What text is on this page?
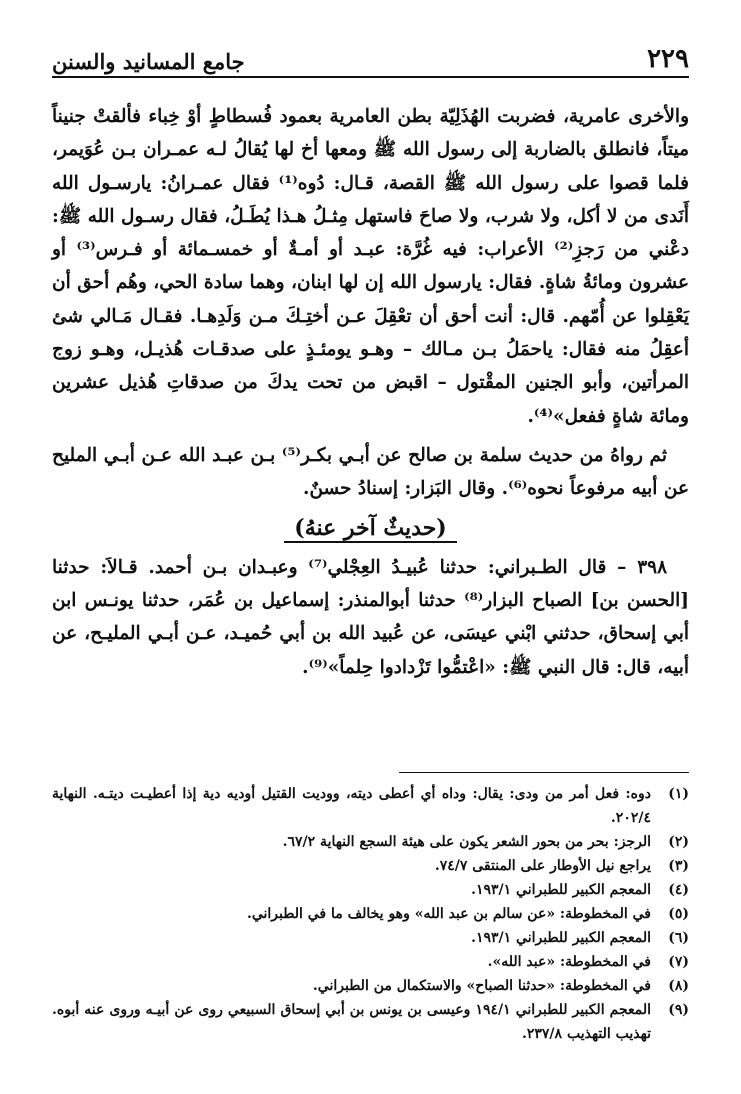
٢٢٩
جامع المسانيد والسنن

والأخرى عامرية، فضربت الهُذَلِيّة بطن العامرية بعمود فُسطاطٍ أوْ خِباء فألقتْ جنيناً ميتاً، فانطلق بالضاربة إلى رسول الله ﷺ ومعها أخ لها يُقالُ لـه عمـران بـن عُوَيمر، فلما قصوا على رسول الله ﷺ القصة، قـال: دُوه⁽¹⁾ فقال عمـرانُ: يارسـول الله أَنَدى من لا أكل، ولا شرب، ولا صاحَ فاستهل مِثـلُ هـذا يُطَـلُ، فقال رسـول الله ﷺ: دعْني من رَجزِ⁽²⁾ الأعراب: فيه غُرَّة: عبـد أو أمـةٌ أو خمسـمائة أو فـرس⁽³⁾ أو عشرون ومائةُ شاةٍ. فقال: يارسول الله إن لها ابنان، وهما سادة الحي، وهُم أحق أن يَعْقِلوا عن أُمّهم. قال: أنت أحق أن تعْقِلَ عـن أختِـكَ مـن وَلَدِهـا. فقـال مَـالي شئ أعقِلُ منه فقال: ياحمَلُ بـن مـالك – وهـو يومئـذٍ على صدقـات هُذيـل، وهـو زوج المرأتين، وأبو الجنين المقْتول – اقبض من تحت يدكَ من صدقاتِ هُذيل عشرين ومائة شاةٍ ففعل»⁽⁴⁾.

ثم رواهُ من حديث سلمة بن صالح عن أبـي بكـر⁽⁵⁾ بـن عبـد الله عـن أبـي المليح عن أبيه مرفوعاً نحوه⁽⁶⁾. وقال البَزار: إسنادُ حسنٌ.

(حديثٌ آخر عنهُ)

٣٩٨ – قال الطـبراني: حدثنا عُبيـدُ العِجْلي⁽⁷⁾ وعبـدان بـن أحمد. قـالاَ: حدثنا [الحسن بن] الصباح البزار⁽⁸⁾ حدثنا أبوالمنذر: إسماعيل بن عُمَر، حدثنا يونـس ابن أبي إسحاق، حدثني ابْني عيسَى، عن عُبيد الله بن أبي حُميـد، عـن أبـي المليـح، عن أبيه، قال: قال النبي ﷺ: «اعْتمُّوا تَزْدادوا حِلماً»⁽⁹⁾.

(١)
دوه: فعل أمر من ودى: يقال: وداه أي أعطى ديته، ووديت القتيل أوديه دية إذا أعطيـت ديتـه. النهاية ٢٠٢/٤.
(٢)
الرجز: بحر من بحور الشعر يكون على هيئة السجع النهاية ٦٧/٢.
(٣)
يراجع نيل الأوطار على المنتقى ٧٤/٧.
(٤)
المعجم الكبير للطبراني ١٩٣/١.
(٥)
في المخطوطة: «عن سالم بن عبد الله» وهو يخالف ما في الطبراني.
(٦)
المعجم الكبير للطبراني ١٩٣/١.
(٧)
في المخطوطة: «عبد الله».
(٨)
في المخطوطة: «حدثنا الصباح» والاستكمال من الطبراني.
(٩)
المعجم الكبير للطبراني ١٩٤/١ وعيسى بن يونس بن أبي إسحاق السبيعي روى عن أبيـه وروى عنه أبوه. تهذيب التهذيب ٢٣٧/٨.
